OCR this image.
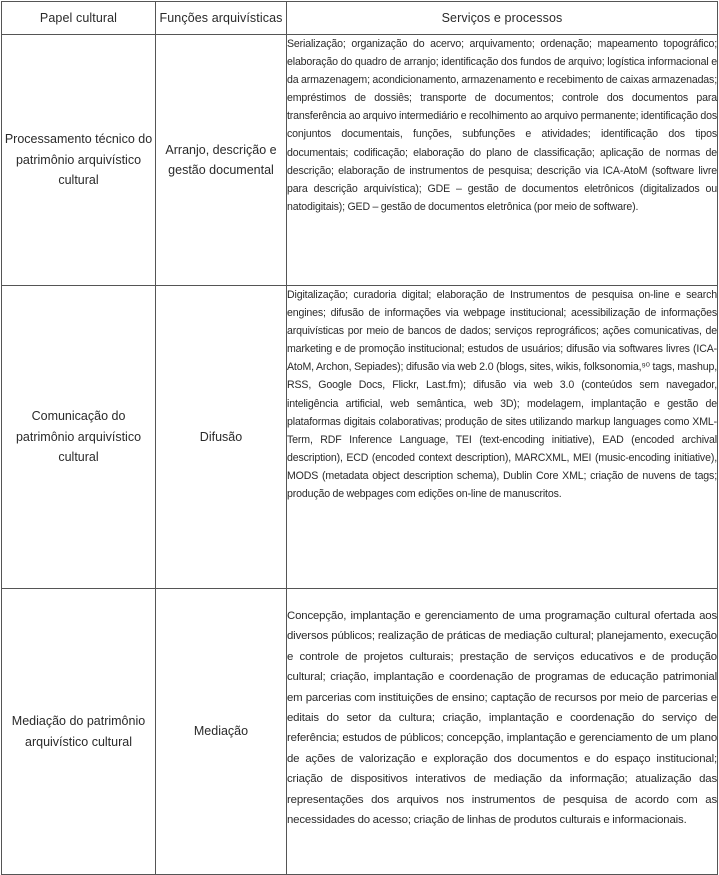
Papel cultural	Funções arquivísticas	Serviços e processos

Processamento técnico do patrimônio arquivístico cultural	Arranjo, descrição e gestão documental	Serialização; organização do acervo; arquivamento; ordenação; mapeamento topográfico; elaboração do quadro de arranjo; identificação dos fundos de arquivo; logística informacional e da armazenagem; acondicionamento, armazenamento e recebimento de caixas armazenadas; empréstimos de dossiês; transporte de documentos; controle dos documentos para transferência ao arquivo intermediário e recolhimento ao arquivo permanente; identificação dos conjuntos documentais, funções, subfunções e atividades; identificação dos tipos documentais; codificação; elaboração do plano de classificação; aplicação de normas de descrição; elaboração de instrumentos de pesquisa; descrição via ICA-AtoM (software livre para descrição arquivística); GDE – gestão de documentos eletrônicos (digitalizados ou natodigitais); GED – gestão de documentos eletrônica (por meio de software).

Comunicação do patrimônio arquivístico cultural	Difusão	Digitalização; curadoria digital; elaboração de Instrumentos de pesquisa on-line e search engines; difusão de informações via webpage institucional; acessibilização de informações arquivísticas por meio de bancos de dados; serviços reprográficos; ações comunicativas, de marketing e de promoção institucional; estudos de usuários; difusão via softwares livres (ICA-AtoM, Archon, Sepiades); difusão via web 2.0 (blogs, sites, wikis, folksonomia,⁹⁰ tags, mashup, RSS, Google Docs, Flickr, Last.fm); difusão via web 3.0 (conteúdos sem navegador, inteligência artificial, web semântica, web 3D); modelagem, implantação e gestão de plataformas digitais colaborativas; produção de sites utilizando markup languages como XML-Term, RDF Inference Language, TEI (text-encoding initiative), EAD (encoded archival description), ECD (encoded context description), MARCXML, MEI (music-encoding initiative), MODS (metadata object description schema), Dublin Core XML; criação de nuvens de tags; produção de webpages com edições on-line de manuscritos.

Mediação do patrimônio arquivístico cultural	Mediação	Concepção, implantação e gerenciamento de uma programação cultural ofertada aos diversos públicos; realização de práticas de mediação cultural; planejamento, execução e controle de projetos culturais; prestação de serviços educativos e de produção cultural; criação, implantação e coordenação de programas de educação patrimonial em parcerias com instituições de ensino; captação de recursos por meio de parcerias e editais do setor da cultura; criação, implantação e coordenação do serviço de referência; estudos de públicos; concepção, implantação e gerenciamento de um plano de ações de valorização e exploração dos documentos e do espaço institucional; criação de dispositivos interativos de mediação da informação; atualização das representações dos arquivos nos instrumentos de pesquisa de acordo com as necessidades do acesso; criação de linhas de produtos culturais e informacionais.
